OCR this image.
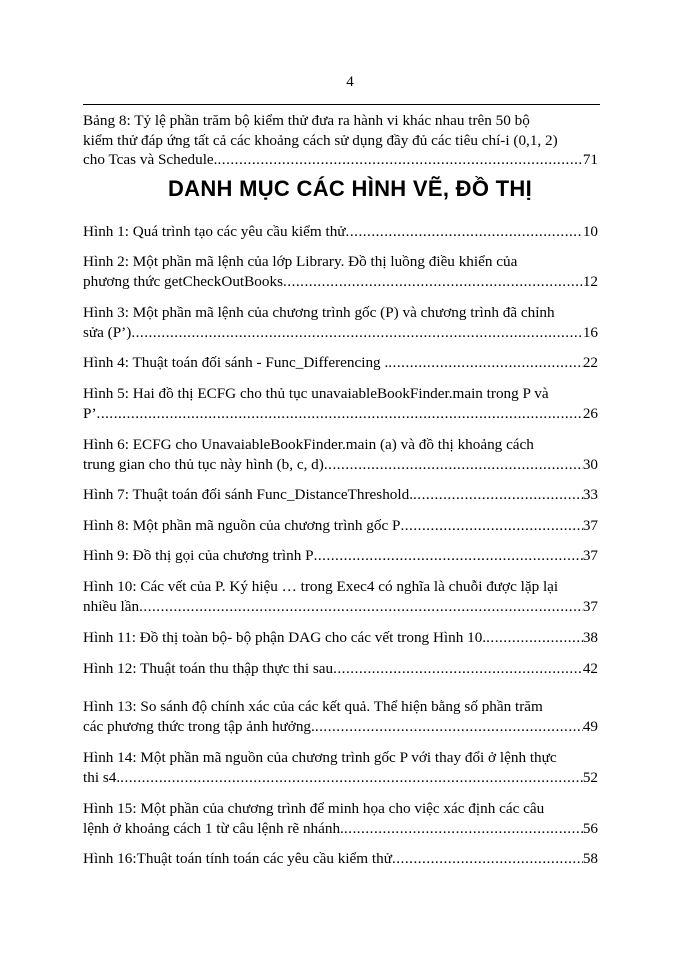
4
Bảng 8: Tỷ lệ phần trăm bộ kiểm thử đưa ra hành vi khác nhau trên 50 bộ
kiểm thử đáp ứng tất cả các khoảng cách sử dụng đầy đủ các tiêu chí-i (0,1, 2)
cho Tcas và Schedule. .....	71
DANH MỤC CÁC HÌNH VẼ, ĐỒ THỊ
Hình 1: Quá trình tạo các yêu cầu kiểm thử .....	10
Hình 2: Một phần mã lệnh của lớp Library. Đồ thị luồng điều khiển của
phương thức getCheckOutBooks .....	12
Hình 3: Một phần mã lệnh của chương trình gốc (P) và chương trình đã chỉnh
sửa (P’) .....	16
Hình 4: Thuật toán đối sánh - Func_Differencing . .....	22
Hình 5: Hai đồ thị ECFG cho thủ tục unavaiableBookFinder.main trong P và
P’ .....	26
Hình 6: ECFG cho UnavaiableBookFinder.main (a) và đồ thị khoảng cách
trung gian cho thủ tục này hình (b, c, d) .....	30
Hình 7: Thuật toán đối sánh Func_DistanceThreshold. .....	33
Hình 8: Một phần mã nguồn của chương trình gốc P .....	37
Hình 9: Đồ thị gọi của chương trình P .....	37
Hình 10: Các vết của P. Ký hiệu … trong Exec4 có nghĩa là chuỗi được lặp lại
nhiều lần .....	37
Hình 11: Đồ thị toàn bộ- bộ phận DAG cho các vết trong Hình 10. .....	38
Hình 12: Thuật toán thu thập thực thi sau .....	42
Hình 13: So sánh độ chính xác của các kết quả. Thể hiện bằng số phần trăm
các phương thức trong tập ảnh hưởng. .....	49
Hình 14: Một phần mã nguồn của chương trình gốc P với thay đổi ở lệnh thực
thi s4. .....	52
Hình 15: Một phần của chương trình để minh họa cho việc xác định các câu
lệnh ở khoảng cách 1 từ câu lệnh rẽ nhánh. .....	56
Hình 16:Thuật toán tính toán các yêu cầu kiểm thử .....	58
